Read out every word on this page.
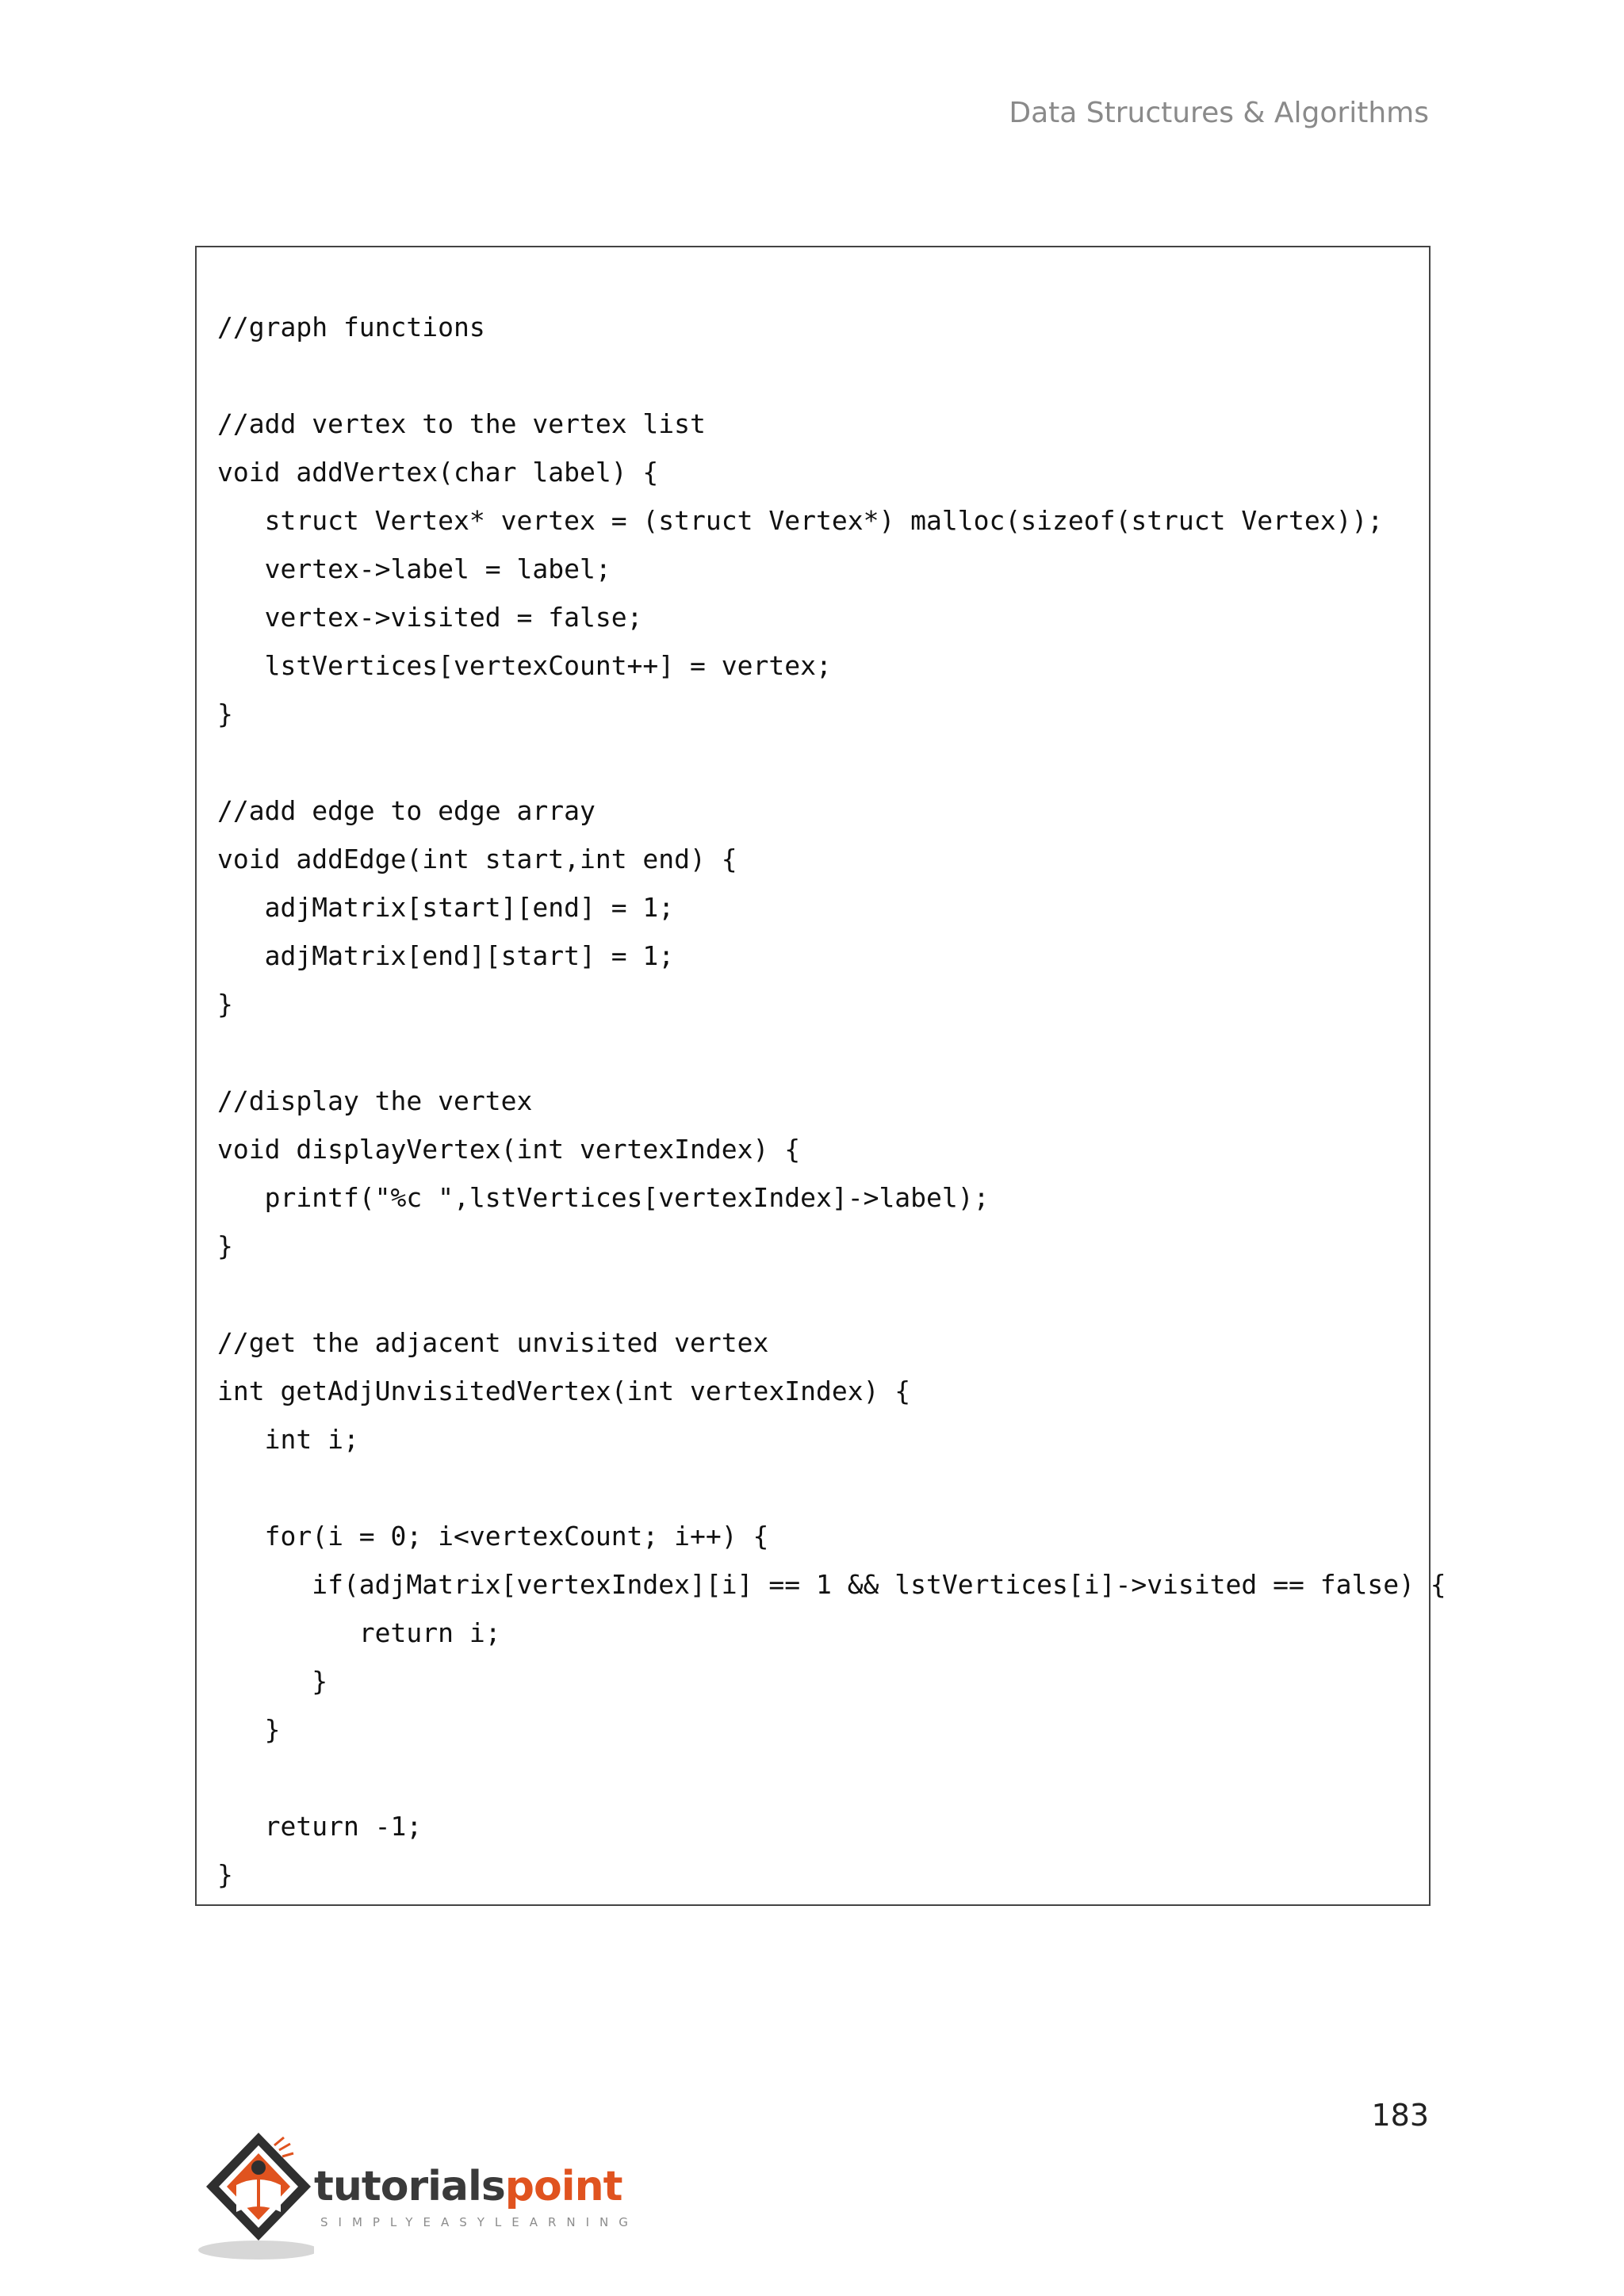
Data Structures & Algorithms
//graph functions
//add vertex to the vertex list
void addVertex(char label) {
struct Vertex* vertex = (struct Vertex*) malloc(sizeof(struct Vertex));
vertex->label = label;
vertex->visited = false;
lstVertices[vertexCount++] = vertex;
}
//add edge to edge array
void addEdge(int start,int end) {
adjMatrix[start][end] = 1;
adjMatrix[end][start] = 1;
}
//display the vertex
void displayVertex(int vertexIndex) {
printf("%c ",lstVertices[vertexIndex]->label);
}
//get the adjacent unvisited vertex
int getAdjUnvisitedVertex(int vertexIndex) {
int i;
for(i = 0; i<vertexCount; i++) {
if(adjMatrix[vertexIndex][i] == 1 && lstVertices[i]->visited == false) {
return i;
}
}
return -1;
}
183
tutorialspoint
SIMPLYEASYLEARNING
